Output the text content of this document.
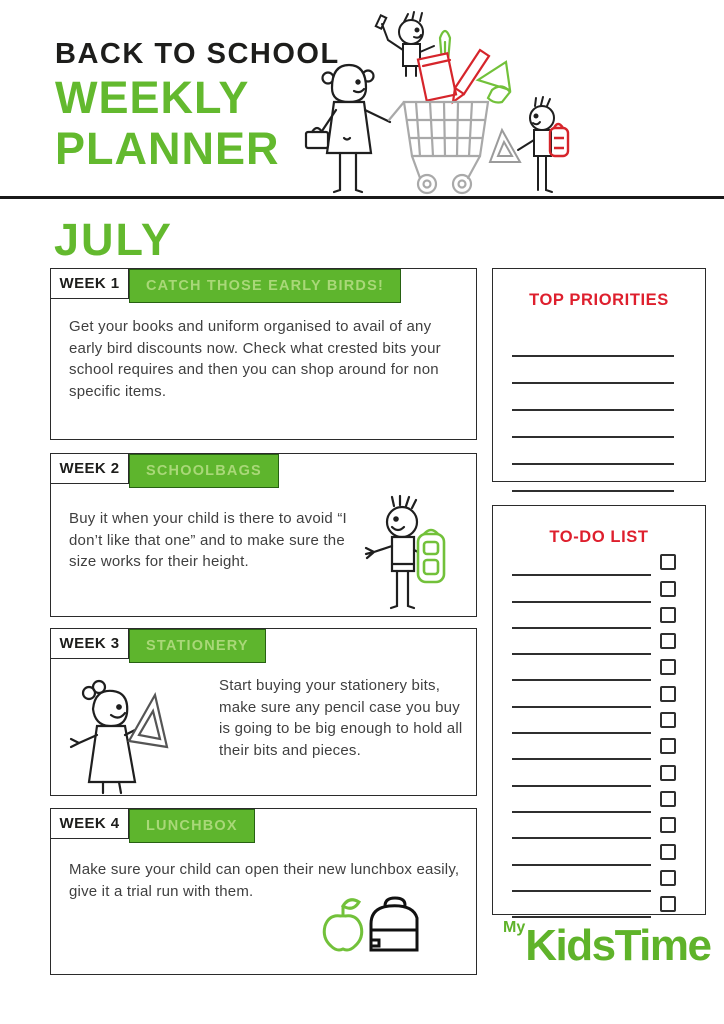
BACK TO SCHOOL
WEEKLY
PLANNER
JULY
WEEK 1	CATCH THOSE EARLY BIRDS!
Get your books and uniform organised to avail of any early bird discounts now. Check what crested bits your school requires and then you can shop around for non specific items.
WEEK 2	SCHOOLBAGS
Buy it when your child is there to avoid “I don’t like that one” and to make sure the size works for their height.
WEEK 3	STATIONERY
Start buying your stationery bits, make sure any pencil case you buy is going to be big enough to hold all their bits and pieces.
WEEK 4	LUNCHBOX
Make sure your child can open their new lunchbox easily, give it a trial run with them.
TOP PRIORITIES
TO-DO LIST
MyKidsTime
